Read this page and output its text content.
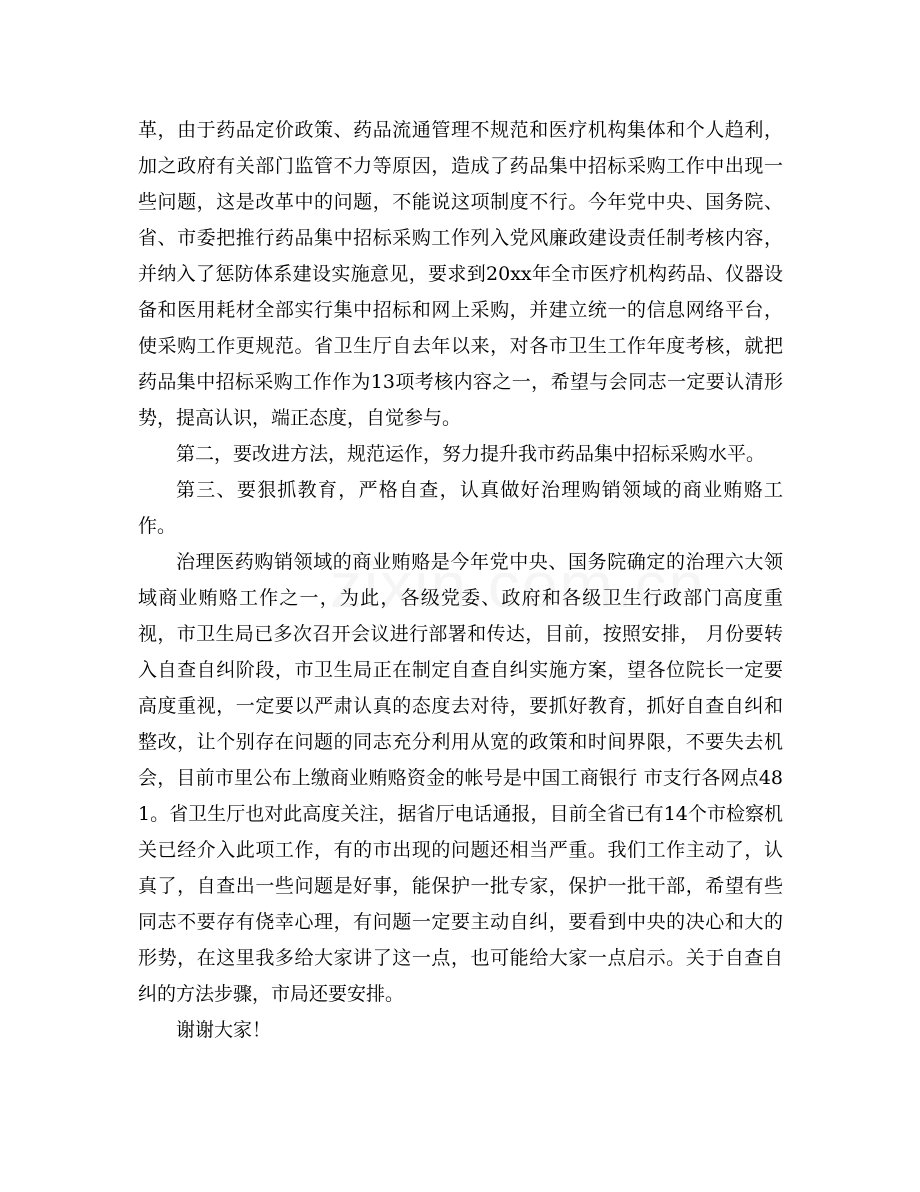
革，由于药品定价政策、药品流通管理不规范和医疗机构集体和个人趋利，加之政府有关部门监管不力等原因，造成了药品集中招标采购工作中出现一些问题，这是改革中的问题，不能说这项制度不行。今年党中央、国务院、省、市委把推行药品集中招标采购工作列入党风廉政建设责任制考核内容，并纳入了惩防体系建设实施意见，要求到20xx年全市医疗机构药品、仪器设备和医用耗材全部实行集中招标和网上采购，并建立统一的信息网络平台，使采购工作更规范。省卫生厅自去年以来，对各市卫生工作年度考核，就把药品集中招标采购工作作为13项考核内容之一，希望与会同志一定要认清形势，提高认识，端正态度，自觉参与。

第二，要改进方法，规范运作，努力提升我市药品集中招标采购水平。

第三、要狠抓教育，严格自查，认真做好治理购销领域的商业贿赂工作。

治理医药购销领域的商业贿赂是今年党中央、国务院确定的治理六大领域商业贿赂工作之一，为此，各级党委、政府和各级卫生行政部门高度重视，市卫生局已多次召开会议进行部署和传达，目前，按照安排， 月份要转入自查自纠阶段，市卫生局正在制定自查自纠实施方案，望各位院长一定要高度重视，一定要以严肃认真的态度去对待，要抓好教育，抓好自查自纠和整改，让个别存在问题的同志充分利用从宽的政策和时间界限，不要失去机会，目前市里公布上缴商业贿赂资金的帐号是中国工商银行 市支行各网点481。省卫生厅也对此高度关注，据省厅电话通报，目前全省已有14个市检察机关已经介入此项工作，有的市出现的问题还相当严重。我们工作主动了，认真了，自查出一些问题是好事，能保护一批专家，保护一批干部，希望有些同志不要存有侥幸心理，有问题一定要主动自纠，要看到中央的决心和大的形势，在这里我多给大家讲了这一点，也可能给大家一点启示。关于自查自纠的方法步骤，市局还要安排。

谢谢大家！
